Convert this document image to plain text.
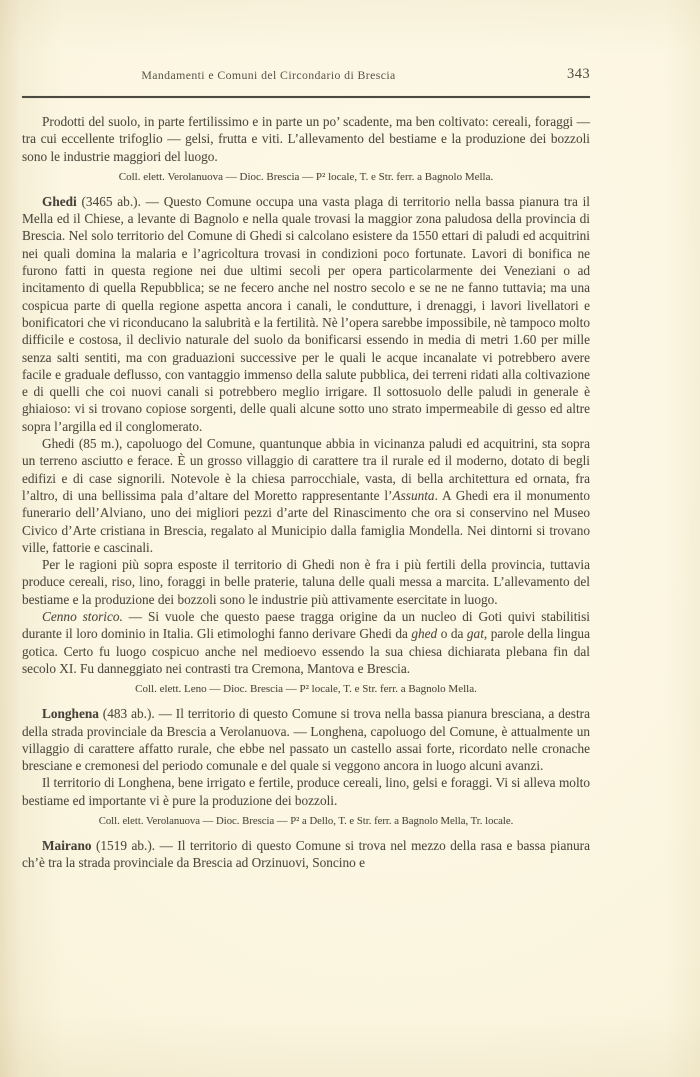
Mandamenti e Comuni del Circondario di Brescia	343

Prodotti del suolo, in parte fertilissimo e in parte un po’ scadente, ma ben coltivato: cereali, foraggi — tra cui eccellente trifoglio — gelsi, frutta e viti. L’allevamento del bestiame e la produzione dei bozzoli sono le industrie maggiori del luogo.

Coll. elett. Verolanuova — Dioc. Brescia — P² locale, T. e Str. ferr. a Bagnolo Mella.

Ghedi (3465 ab.). — Questo Comune occupa una vasta plaga di territorio nella bassa pianura tra il Mella ed il Chiese, a levante di Bagnolo e nella quale trovasi la maggior zona paludosa della provincia di Brescia. Nel solo territorio del Comune di Ghedi si calcolano esistere da 1550 ettari di paludi ed acquitrini nei quali domina la malaria e l’agricoltura trovasi in condizioni poco fortunate. Lavori di bonifica ne furono fatti in questa regione nei due ultimi secoli per opera particolarmente dei Veneziani o ad incitamento di quella Repubblica; se ne fecero anche nel nostro secolo e se ne ne fanno tuttavia; ma una cospicua parte di quella regione aspetta ancora i canali, le condutture, i drenaggi, i lavori livellatori e bonificatori che vi riconducano la salubrità e la fertilità. Nè l’opera sarebbe impossibile, nè tampoco molto difficile e costosa, il declivio naturale del suolo da bonificarsi essendo in media di metri 1.60 per mille senza salti sentiti, ma con graduazioni successive per le quali le acque incanalate vi potrebbero avere facile e graduale deflusso, con vantaggio immenso della salute pubblica, dei terreni ridati alla coltivazione e di quelli che coi nuovi canali si potrebbero meglio irrigare. Il sottosuolo delle paludi in generale è ghiaioso: vi si trovano copiose sorgenti, delle quali alcune sotto uno strato impermeabile di gesso ed altre sopra l’argilla ed il conglomerato.

Ghedi (85 m.), capoluogo del Comune, quantunque abbia in vicinanza paludi ed acquitrini, sta sopra un terreno asciutto e ferace. È un grosso villaggio di carattere tra il rurale ed il moderno, dotato di begli edifizi e di case signorili. Notevole è la chiesa parrocchiale, vasta, di bella architettura ed ornata, fra l’altro, di una bellissima pala d’altare del Moretto rappresentante l’Assunta. A Ghedi era il monumento funerario dell’Alviano, uno dei migliori pezzi d’arte del Rinascimento che ora si conservino nel Museo Civico d’Arte cristiana in Brescia, regalato al Municipio dalla famiglia Mondella. Nei dintorni si trovano ville, fattorie e cascinali.

Per le ragioni più sopra esposte il territorio di Ghedi non è fra i più fertili della provincia, tuttavia produce cereali, riso, lino, foraggi in belle praterie, taluna delle quali messa a marcita. L’allevamento del bestiame e la produzione dei bozzoli sono le industrie più attivamente esercitate in luogo.

Cenno storico. — Si vuole che questo paese tragga origine da un nucleo di Goti quivi stabilitisi durante il loro dominio in Italia. Gli etimologhi fanno derivare Ghedi da ghed o da gat, parole della lingua gotica. Certo fu luogo cospicuo anche nel medioevo essendo la sua chiesa dichiarata plebana fin dal secolo XI. Fu danneggiato nei contrasti tra Cremona, Mantova e Brescia.

Coll. elett. Leno — Dioc. Brescia — P² locale, T. e Str. ferr. a Bagnolo Mella.

Longhena (483 ab.). — Il territorio di questo Comune si trova nella bassa pianura bresciana, a destra della strada provinciale da Brescia a Verolanuova. — Longhena, capoluogo del Comune, è attualmente un villaggio di carattere affatto rurale, che ebbe nel passato un castello assai forte, ricordato nelle cronache bresciane e cremonesi del periodo comunale e del quale si veggono ancora in luogo alcuni avanzi.

Il territorio di Longhena, bene irrigato e fertile, produce cereali, lino, gelsi e foraggi. Vi si alleva molto bestiame ed importante vi è pure la produzione dei bozzoli.

Coll. elett. Verolanuova — Dioc. Brescia — P² a Dello, T. e Str. ferr. a Bagnolo Mella, Tr. locale.

Mairano (1519 ab.). — Il territorio di questo Comune si trova nel mezzo della rasa e bassa pianura ch’è tra la strada provinciale da Brescia ad Orzinuovi, Soncino e
